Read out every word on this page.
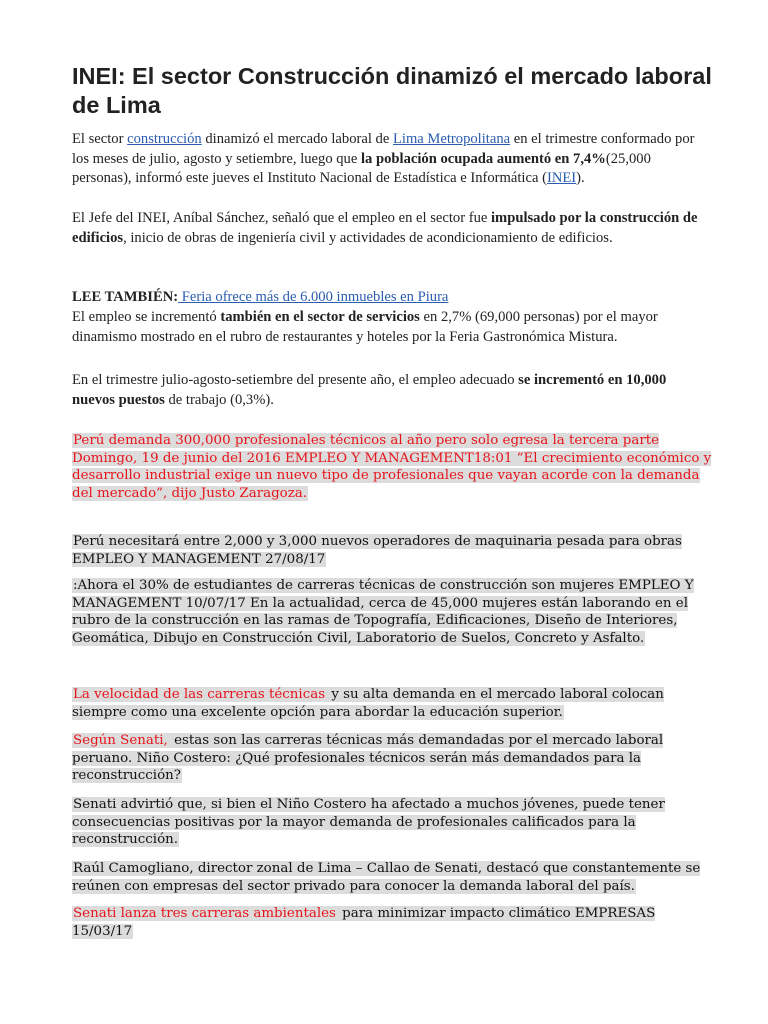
INEI: El sector Construcción dinamizó el mercado laboral de Lima

El sector construcción dinamizó el mercado laboral de Lima Metropolitana en el trimestre conformado por los meses de julio, agosto y setiembre, luego que la población ocupada aumentó en 7,4%(25,000 personas), informó este jueves el Instituto Nacional de Estadística e Informática (INEI).

El Jefe del INEI, Aníbal Sánchez, señaló que el empleo en el sector fue impulsado por la construcción de edificios, inicio de obras de ingeniería civil y actividades de acondicionamiento de edificios.

LEE TAMBIÉN: Feria ofrece más de 6.000 inmuebles en Piura

El empleo se incrementó también en el sector de servicios en 2,7% (69,000 personas) por el mayor dinamismo mostrado en el rubro de restaurantes y hoteles por la Feria Gastronómica Mistura.

En el trimestre julio-agosto-setiembre del presente año, el empleo adecuado se incrementó en 10,000 nuevos puestos de trabajo (0,3%).

Perú demanda 300,000 profesionales técnicos al año pero solo egresa la tercera parte Domingo, 19 de junio del 2016 EMPLEO Y MANAGEMENT18:01 “El crecimiento económico y desarrollo industrial exige un nuevo tipo de profesionales que vayan acorde con la demanda del mercado”, dijo Justo Zaragoza.

Perú necesitará entre 2,000 y 3,000 nuevos operadores de maquinaria pesada para obras EMPLEO Y MANAGEMENT 27/08/17

:Ahora el 30% de estudiantes de carreras técnicas de construcción son mujeres EMPLEO Y MANAGEMENT 10/07/17 En la actualidad, cerca de 45,000 mujeres están laborando en el rubro de la construcción en las ramas de Topografía, Edificaciones, Diseño de Interiores, Geomática, Dibujo en Construcción Civil, Laboratorio de Suelos, Concreto y Asfalto.

La velocidad de las carreras técnicas y su alta demanda en el mercado laboral colocan siempre como una excelente opción para abordar la educación superior.

Según Senati, estas son las carreras técnicas más demandadas por el mercado laboral peruano. Niño Costero: ¿Qué profesionales técnicos serán más demandados para la reconstrucción?

Senati advirtió que, si bien el Niño Costero ha afectado a muchos jóvenes, puede tener consecuencias positivas por la mayor demanda de profesionales calificados para la reconstrucción.

Raúl Camogliano, director zonal de Lima – Callao de Senati, destacó que constantemente se reúnen con empresas del sector privado para conocer la demanda laboral del país.

Senati lanza tres carreras ambientales para minimizar impacto climático EMPRESAS 15/03/17
